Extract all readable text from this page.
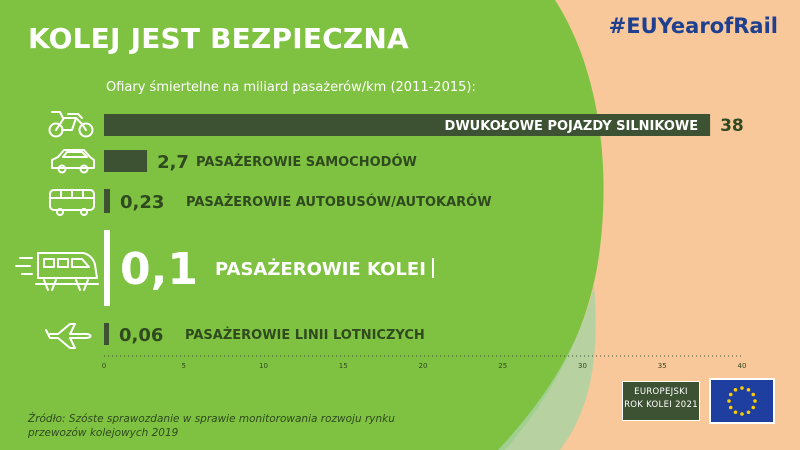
DWUKOŁOWE POJAZDY SILNIKOWE 38
2,7 PASAŻEROWIE SAMOCHODÓW
0,23 PASAŻEROWIE AUTOBUSÓW/AUTOKARÓW
0,1 PASAŻEROWIE KOLEI
0,06 PASAŻEROWIE LINII LOTNICZYCH
0	5	10	15	20	25	30	35	40
KOLEJ JEST BEZPIECZNA	#EUYearofRail
Ofiary śmiertelne na miliard pasażerów/km (2011-2015):
Źródło: Szóste sprawozdanie w sprawie monitorowania rozwoju rynku
przewozów kolejowych 2019
EUROPEJSKI
ROK KOLEI 2021
